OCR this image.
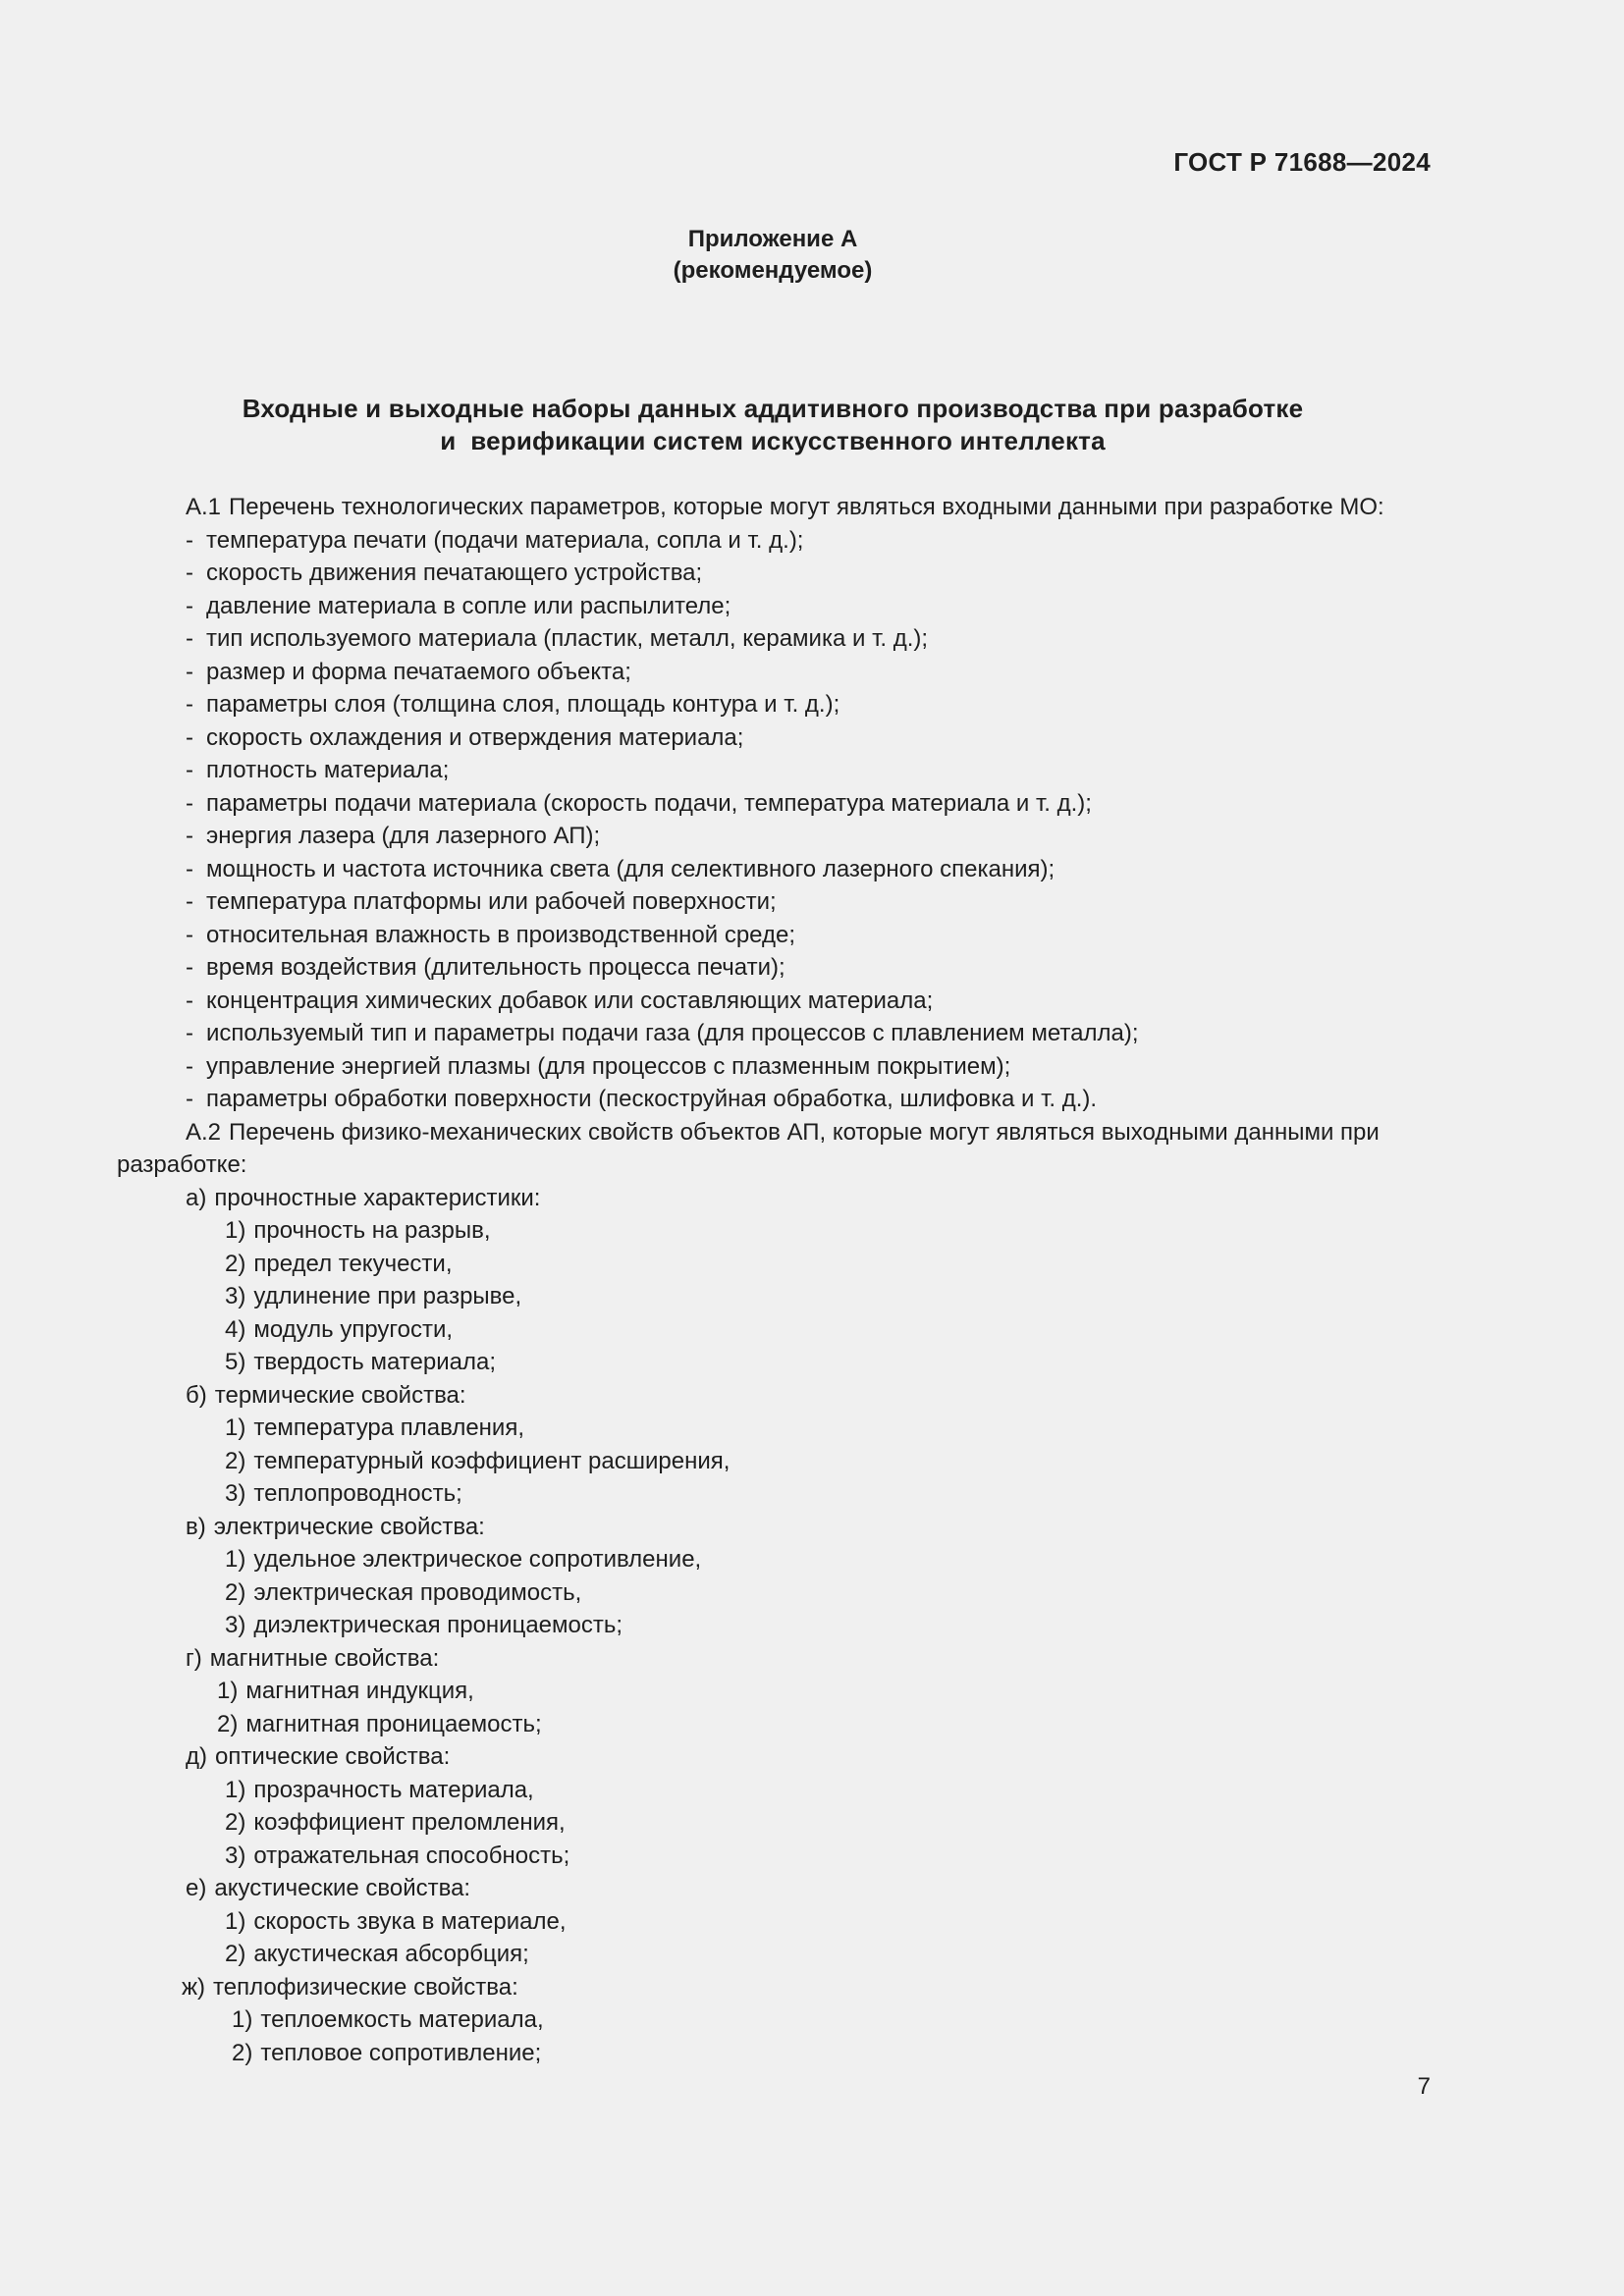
ГОСТ Р 71688—2024
Приложение А
(рекомендуемое)
Входные и выходные наборы данных аддитивного производства при разработке
и  верификации систем искусственного интеллекта
А.1 Перечень технологических параметров, которые могут являться входными данными при разработке МО:
- температура печати (подачи материала, сопла и т. д.);
- скорость движения печатающего устройства;
- давление материала в сопле или распылителе;
- тип используемого материала (пластик, металл, керамика и т. д.);
- размер и форма печатаемого объекта;
- параметры слоя (толщина слоя, площадь контура и т. д.);
- скорость охлаждения и отверждения материала;
- плотность материала;
- параметры подачи материала (скорость подачи, температура материала и т. д.);
- энергия лазера (для лазерного АП);
- мощность и частота источника света (для селективного лазерного спекания);
- температура платформы или рабочей поверхности;
- относительная влажность в производственной среде;
- время воздействия (длительность процесса печати);
- концентрация химических добавок или составляющих материала;
- используемый тип и параметры подачи газа (для процессов с плавлением металла);
- управление энергией плазмы (для процессов с плазменным покрытием);
- параметры обработки поверхности (пескоструйная обработка, шлифовка и т. д.).
А.2 Перечень физико-механических свойств объектов АП, которые могут являться выходными данными при
разработке:
а) прочностные характеристики:
1) прочность на разрыв,
2) предел текучести,
3) удлинение при разрыве,
4) модуль упругости,
5) твердость материала;
б) термические свойства:
1) температура плавления,
2) температурный коэффициент расширения,
3) теплопроводность;
в) электрические свойства:
1) удельное электрическое сопротивление,
2) электрическая проводимость,
3) диэлектрическая проницаемость;
г) магнитные свойства:
1) магнитная индукция,
2) магнитная проницаемость;
д) оптические свойства:
1) прозрачность материала,
2) коэффициент преломления,
3) отражательная способность;
е) акустические свойства:
1) скорость звука в материале,
2) акустическая абсорбция;
ж) теплофизические свойства:
1) теплоемкость материала,
2) тепловое сопротивление;
7
